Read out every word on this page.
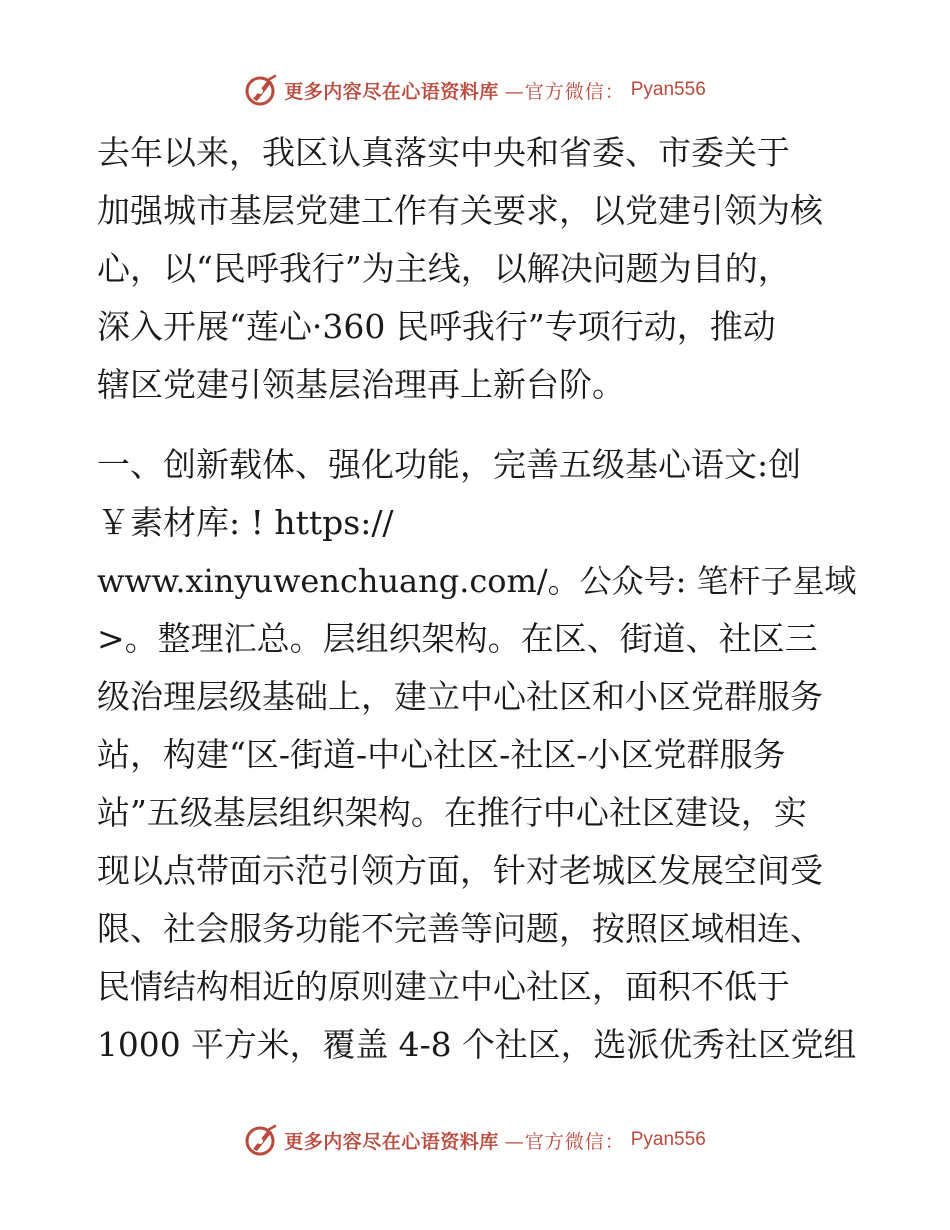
更多内容尽在心语资料库 —官方微信： Pyan556
去年以来，我区认真落实中央和省委、市委关于
加强城市基层党建工作有关要求，以党建引领为核
心，以“民呼我行”为主线，以解决问题为目的，
深入开展“莲心·360 民呼我行”专项行动，推动
辖区党建引领基层治理再上新台阶。
一、创新载体、强化功能，完善五级基心语文:创
￥素材库: ! https://
www.xinyuwenchuang.com/。公众号: 笔杆子星域
>。整理汇总。层组织架构。在区、街道、社区三
级治理层级基础上，建立中心社区和小区党群服务
站，构建“区-街道-中心社区-社区-小区党群服务
站”五级基层组织架构。在推行中心社区建设，实
现以点带面示范引领方面，针对老城区发展空间受
限、社会服务功能不完善等问题，按照区域相连、
民情结构相近的原则建立中心社区，面积不低于
1000 平方米，覆盖 4-8 个社区，选派优秀社区党组
更多内容尽在心语资料库 —官方微信： Pyan556
